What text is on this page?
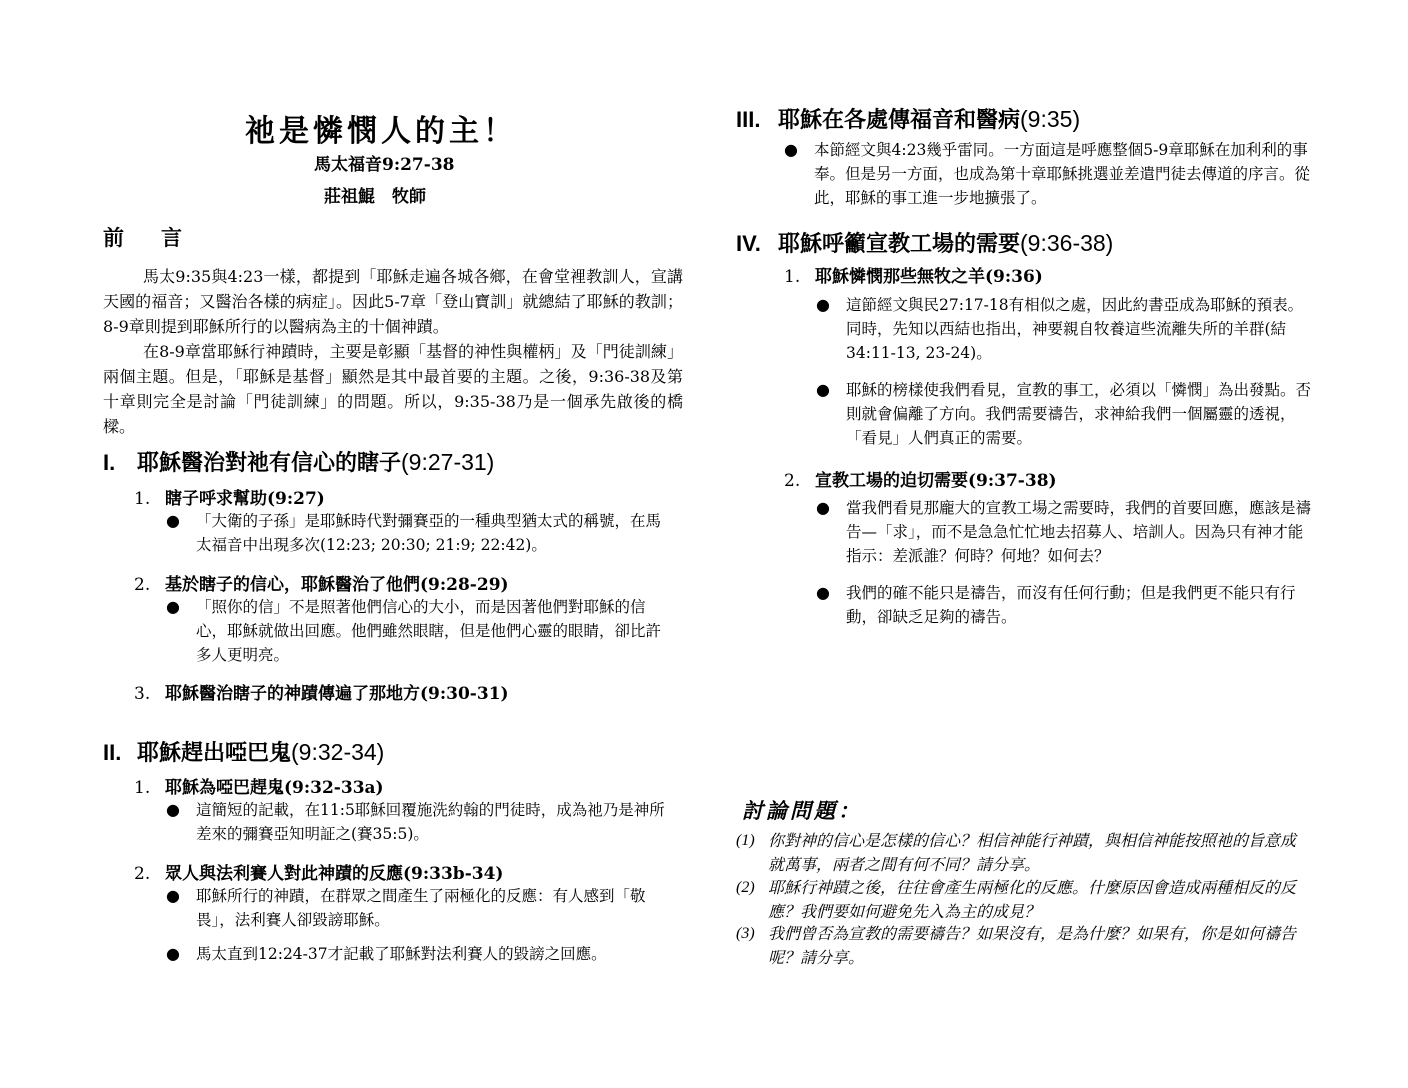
祂是憐憫人的主！
馬太福音9:27-38
莊祖鯤　牧師
前　言
馬太9:35與4:23一樣，都提到「耶穌走遍各城各鄉，在會堂裡教訓人，宣講天國的福音；又醫治各樣的病症」。因此5-7章「登山寶訓」就總結了耶穌的教訓；8-9章則提到耶穌所行的以醫病為主的十個神蹟。
在8-9章當耶穌行神蹟時，主要是彰顯「基督的神性與權柄」及「門徒訓練」兩個主題。但是，「耶穌是基督」顯然是其中最首要的主題。之後，9:36-38及第十章則完全是討論「門徒訓練」的問題。所以，9:35-38乃是一個承先啟後的橋樑。
I. 耶穌醫治對祂有信心的瞎子(9:27-31)
1. 瞎子呼求幫助(9:27)
● 「大衛的子孫」是耶穌時代對彌賽亞的一種典型猶太式的稱號，在馬太福音中出現多次(12:23; 20:30; 21:9; 22:42)。
2. 基於瞎子的信心，耶穌醫治了他們(9:28-29)
● 「照你的信」不是照著他們信心的大小，而是因著他們對耶穌的信心，耶穌就做出回應。他們雖然眼瞎，但是他們心靈的眼睛，卻比許多人更明亮。
3. 耶穌醫治瞎子的神蹟傳遍了那地方(9:30-31)
II. 耶穌趕出啞巴鬼(9:32-34)
1. 耶穌為啞巴趕鬼(9:32-33a)
● 這簡短的記載，在11:5耶穌回覆施洗約翰的門徒時，成為祂乃是神所差來的彌賽亞知明証之(賽35:5)。
2. 眾人與法利賽人對此神蹟的反應(9:33b-34)
● 耶穌所行的神蹟，在群眾之間產生了兩極化的反應：有人感到「敬畏」，法利賽人卻毀謗耶穌。
● 馬太直到12:24-37才記載了耶穌對法利賽人的毀謗之回應。
III. 耶穌在各處傳福音和醫病(9:35)
● 本節經文與4:23幾乎雷同。一方面這是呼應整個5-9章耶穌在加利利的事奉。但是另一方面，也成為第十章耶穌挑選並差遣門徒去傳道的序言。從此，耶穌的事工進一步地擴張了。
IV. 耶穌呼籲宣教工場的需要(9:36-38)
1. 耶穌憐憫那些無牧之羊(9:36)
● 這節經文與民27:17-18有相似之處，因此約書亞成為耶穌的預表。同時，先知以西結也指出，神要親自牧養這些流離失所的羊群(結34:11-13, 23-24)。
● 耶穌的榜樣使我們看見，宣教的事工，必須以「憐憫」為出發點。否則就會偏離了方向。我們需要禱告，求神給我們一個屬靈的透視，「看見」人們真正的需要。
2. 宣教工場的迫切需要(9:37-38)
● 當我們看見那龐大的宣教工場之需要時，我們的首要回應，應該是禱告—「求」，而不是急急忙忙地去招募人、培訓人。因為只有神才能指示：差派誰？何時？何地？如何去？
● 我們的確不能只是禱告，而沒有任何行動；但是我們更不能只有行動，卻缺乏足夠的禱告。
討論問題：
(1) 你對神的信心是怎樣的信心？相信神能行神蹟，與相信神能按照祂的旨意成就萬事，兩者之間有何不同？請分享。
(2) 耶穌行神蹟之後，往往會產生兩極化的反應。什麼原因會造成兩種相反的反應？我們要如何避免先入為主的成見？
(3) 我們曾否為宣教的需要禱告？如果沒有，是為什麼？如果有，你是如何禱告呢？請分享。
